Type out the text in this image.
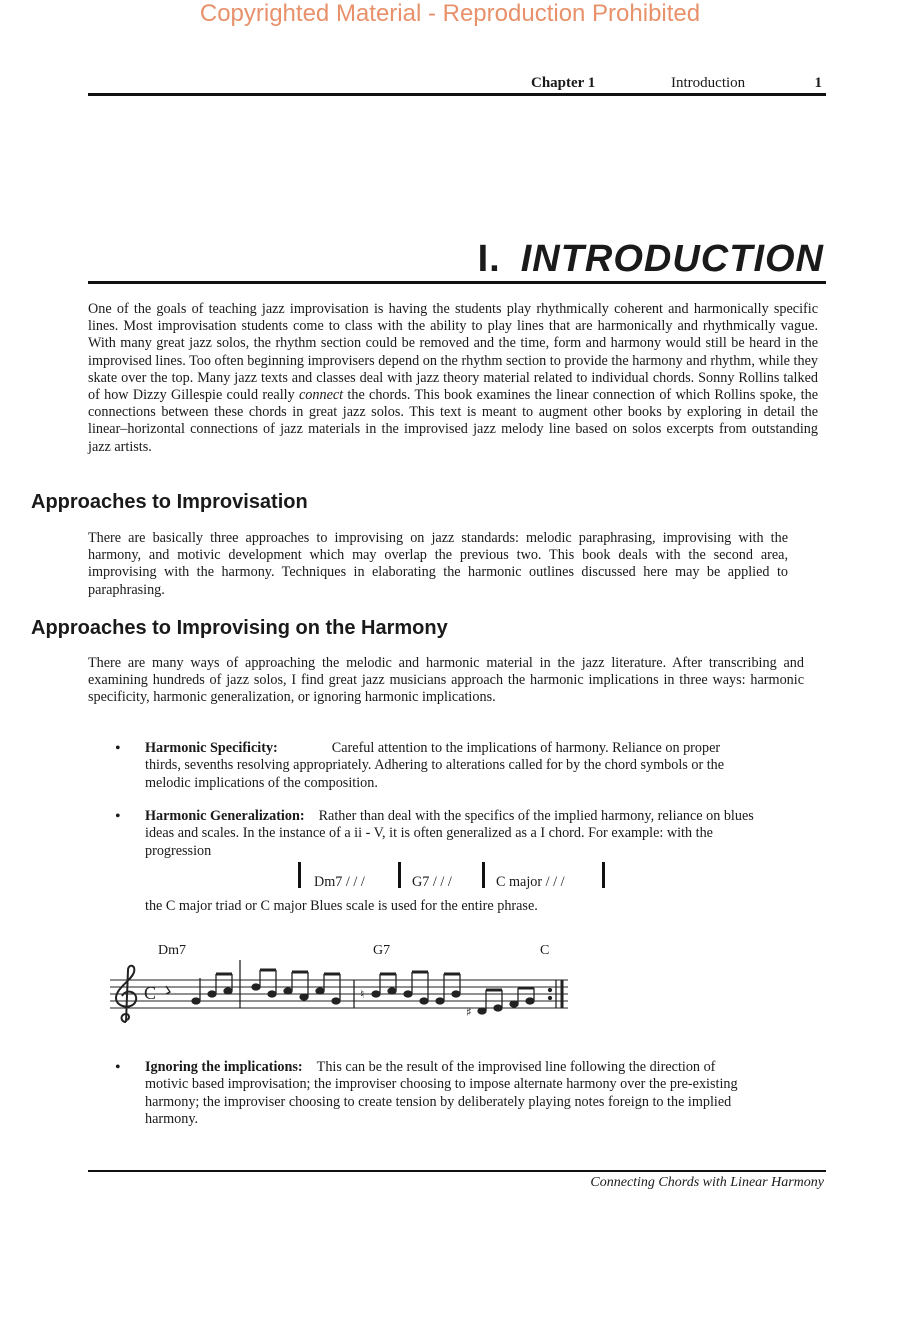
Copyrighted Material - Reproduction Prohibited
Chapter 1	Introduction	1
I. INTRODUCTION

One of the goals of teaching jazz improvisation is having the students play rhythmically coherent and harmonically specific lines. Most improvisation students come to class with the ability to play lines that are harmonically and rhythmically vague. With many great jazz solos, the rhythm section could be removed and the time, form and harmony would still be heard in the improvised lines. Too often beginning improvisers depend on the rhythm section to provide the harmony and rhythm, while they skate over the top. Many jazz texts and classes deal with jazz theory material related to individual chords. Sonny Rollins talked of how Dizzy Gillespie could really connect the chords. This book examines the linear connection of which Rollins spoke, the connections between these chords in great jazz solos. This text is meant to augment other books by exploring in detail the linear–horizontal connections of jazz materials in the improvised jazz melody line based on solos excerpts from outstanding jazz artists.

Approaches to Improvisation

There are basically three approaches to improvising on jazz standards: melodic paraphrasing, improvising with the harmony, and motivic development which may overlap the previous two. This book deals with the second area, improvising with the harmony. Techniques in elaborating the harmonic outlines discussed here may be applied to paraphrasing.

Approaches to Improvising on the Harmony

There are many ways of approaching the melodic and harmonic material in the jazz literature. After transcribing and examining hundreds of jazz solos, I find great jazz musicians approach the harmonic implications in three ways: harmonic specificity, harmonic generalization, or ignoring harmonic implications.

• Harmonic Specificity:	Careful attention to the implications of harmony. Reliance on proper thirds, sevenths resolving appropriately. Adhering to alterations called for by the chord symbols or the melodic implications of the composition.
• Harmonic Generalization: Rather than deal with the specifics of the implied harmony, reliance on blues ideas and scales. In the instance of a ii - V, it is often generalized as a I chord. For example: with the progression
Dm7 / / /	G7 / / /	C major / / /
the C major triad or C major Blues scale is used for the entire phrase.
Dm7	G7	C
C	♮
♯
• Ignoring the implications: This can be the result of the improvised line following the direction of motivic based improvisation; the improviser choosing to impose alternate harmony over the pre-existing harmony; the improviser choosing to create tension by deliberately playing notes foreign to the implied harmony.
Connecting Chords with Linear Harmony
